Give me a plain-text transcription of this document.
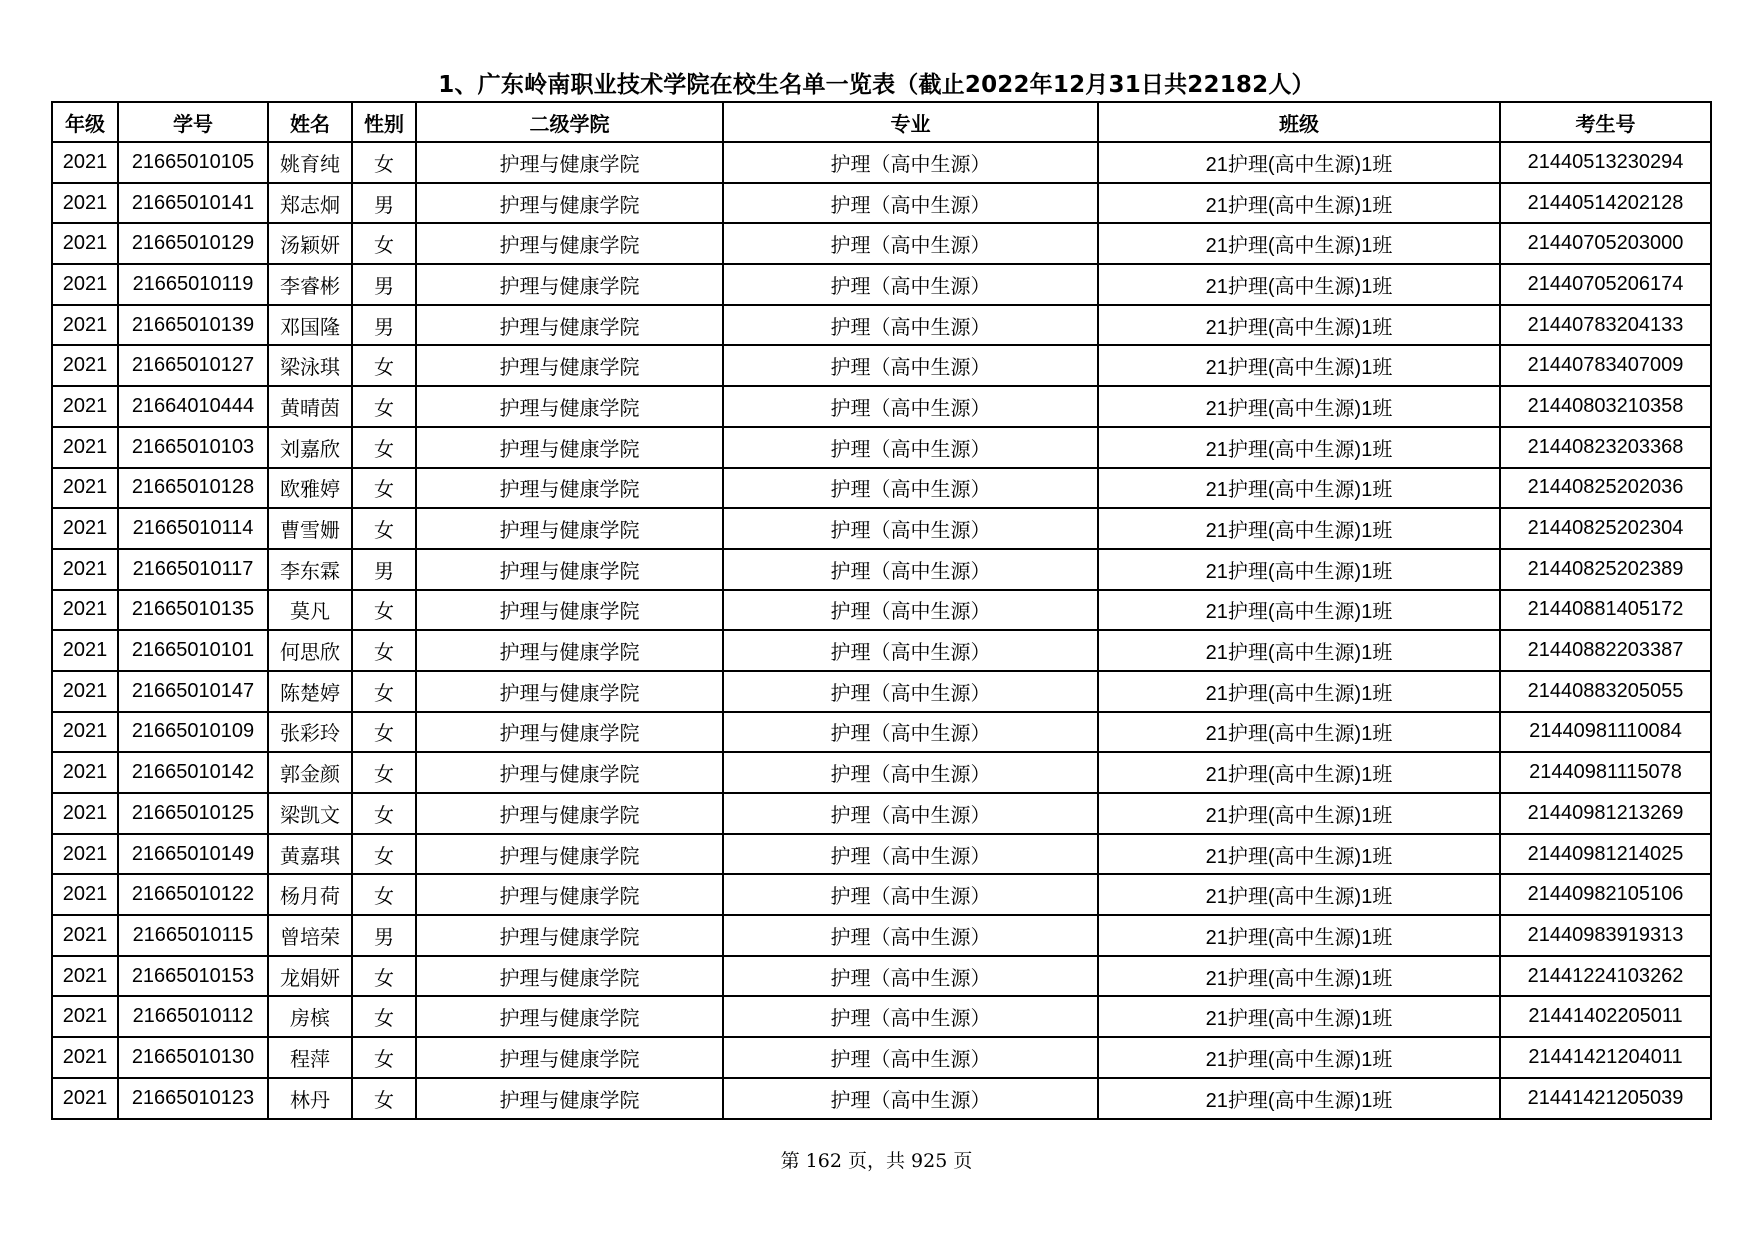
1、广东岭南职业技术学院在校生名单一览表（截止2022年12月31日共22182人）
年级	学号	姓名	性别	二级学院	专业	班级	考生号
2021	21665010105	姚育纯	女	护理与健康学院	护理（高中生源）	21护理(高中生源)1班	21440513230294
2021	21665010141	郑志炯	男	护理与健康学院	护理（高中生源）	21护理(高中生源)1班	21440514202128
2021	21665010129	汤颖妍	女	护理与健康学院	护理（高中生源）	21护理(高中生源)1班	21440705203000
2021	21665010119	李睿彬	男	护理与健康学院	护理（高中生源）	21护理(高中生源)1班	21440705206174
2021	21665010139	邓国隆	男	护理与健康学院	护理（高中生源）	21护理(高中生源)1班	21440783204133
2021	21665010127	梁泳琪	女	护理与健康学院	护理（高中生源）	21护理(高中生源)1班	21440783407009
2021	21664010444	黄晴茵	女	护理与健康学院	护理（高中生源）	21护理(高中生源)1班	21440803210358
2021	21665010103	刘嘉欣	女	护理与健康学院	护理（高中生源）	21护理(高中生源)1班	21440823203368
2021	21665010128	欧雅婷	女	护理与健康学院	护理（高中生源）	21护理(高中生源)1班	21440825202036
2021	21665010114	曹雪姗	女	护理与健康学院	护理（高中生源）	21护理(高中生源)1班	21440825202304
2021	21665010117	李东霖	男	护理与健康学院	护理（高中生源）	21护理(高中生源)1班	21440825202389
2021	21665010135	莫凡	女	护理与健康学院	护理（高中生源）	21护理(高中生源)1班	21440881405172
2021	21665010101	何思欣	女	护理与健康学院	护理（高中生源）	21护理(高中生源)1班	21440882203387
2021	21665010147	陈楚婷	女	护理与健康学院	护理（高中生源）	21护理(高中生源)1班	21440883205055
2021	21665010109	张彩玲	女	护理与健康学院	护理（高中生源）	21护理(高中生源)1班	21440981110084
2021	21665010142	郭金颜	女	护理与健康学院	护理（高中生源）	21护理(高中生源)1班	21440981115078
2021	21665010125	梁凯文	女	护理与健康学院	护理（高中生源）	21护理(高中生源)1班	21440981213269
2021	21665010149	黄嘉琪	女	护理与健康学院	护理（高中生源）	21护理(高中生源)1班	21440981214025
2021	21665010122	杨月荷	女	护理与健康学院	护理（高中生源）	21护理(高中生源)1班	21440982105106
2021	21665010115	曾培荣	男	护理与健康学院	护理（高中生源）	21护理(高中生源)1班	21440983919313
2021	21665010153	龙娟妍	女	护理与健康学院	护理（高中生源）	21护理(高中生源)1班	21441224103262
2021	21665010112	房槟	女	护理与健康学院	护理（高中生源）	21护理(高中生源)1班	21441402205011
2021	21665010130	程萍	女	护理与健康学院	护理（高中生源）	21护理(高中生源)1班	21441421204011
2021	21665010123	林丹	女	护理与健康学院	护理（高中生源）	21护理(高中生源)1班	21441421205039
第 162 页，共 925 页
